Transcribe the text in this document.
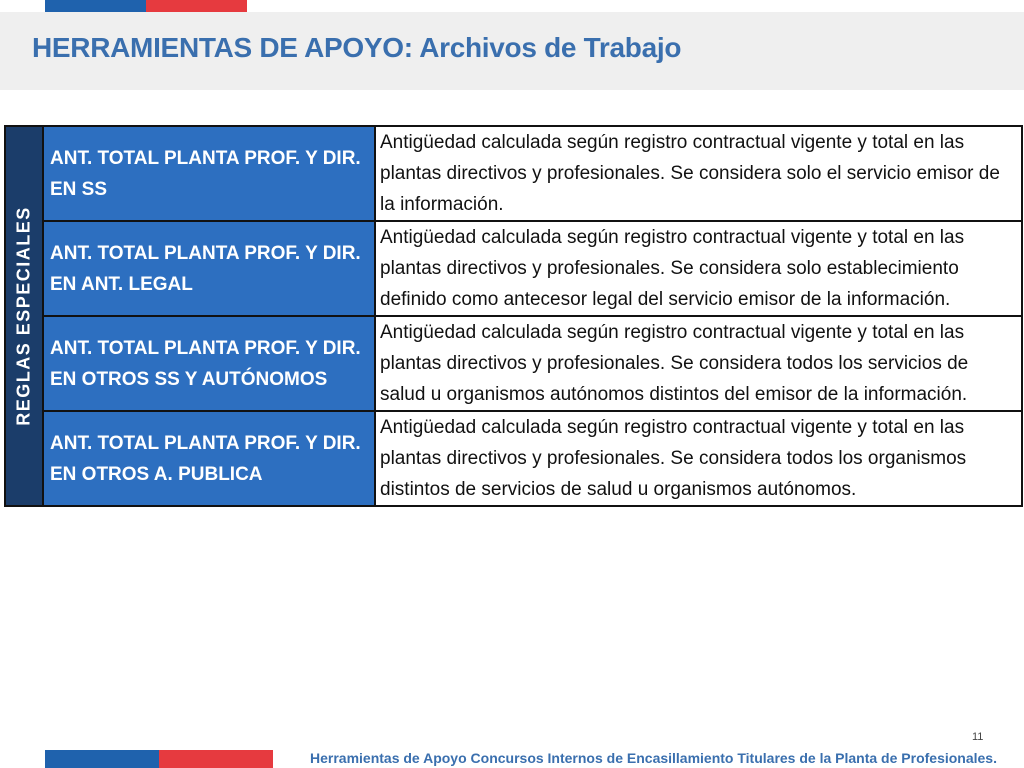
HERRAMIENTAS DE APOYO: Archivos de Trabajo
REGLAS ESPECIALES	ANT. TOTAL PLANTA PROF. Y DIR. EN SS	Antigüedad calculada según registro contractual vigente y total en las plantas directivos y profesionales. Se considera solo el servicio emisor de la información.
	ANT. TOTAL PLANTA PROF. Y DIR. EN ANT. LEGAL	Antigüedad calculada según registro contractual vigente y total en las plantas directivos y profesionales. Se considera solo establecimiento definido como antecesor legal del servicio emisor de la información.
	ANT. TOTAL PLANTA PROF. Y DIR. EN OTROS SS Y AUTÓNOMOS	Antigüedad calculada según registro contractual vigente y total en las plantas directivos y profesionales. Se considera todos los servicios de salud u organismos autónomos distintos del emisor de la información.
	ANT. TOTAL PLANTA PROF. Y DIR. EN OTROS A. PUBLICA	Antigüedad calculada según registro contractual vigente y total en las plantas directivos y profesionales. Se considera todos los organismos distintos de servicios de salud u organismos autónomos.
11
Herramientas de Apoyo Concursos Internos de Encasillamiento Titulares de la Planta de Profesionales.
